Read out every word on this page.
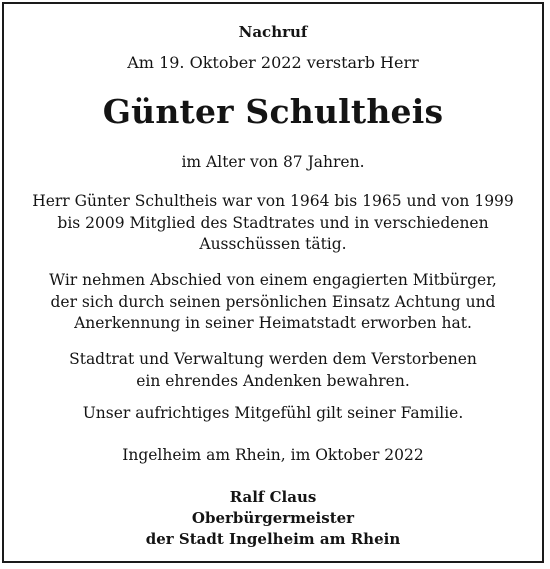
Nachruf
Am 19. Oktober 2022 verstarb Herr
Günter Schultheis
im Alter von 87 Jahren.
Herr Günter Schultheis war von 1964 bis 1965 und von 1999
bis 2009 Mitglied des Stadtrates und in verschiedenen
Ausschüssen tätig.
Wir nehmen Abschied von einem engagierten Mitbürger,
der sich durch seinen persönlichen Einsatz Achtung und
Anerkennung in seiner Heimatstadt erworben hat.
Stadtrat und Verwaltung werden dem Verstorbenen
ein ehrendes Andenken bewahren.
Unser aufrichtiges Mitgefühl gilt seiner Familie.
Ingelheim am Rhein, im Oktober 2022
Ralf Claus
Oberbürgermeister
der Stadt Ingelheim am Rhein
